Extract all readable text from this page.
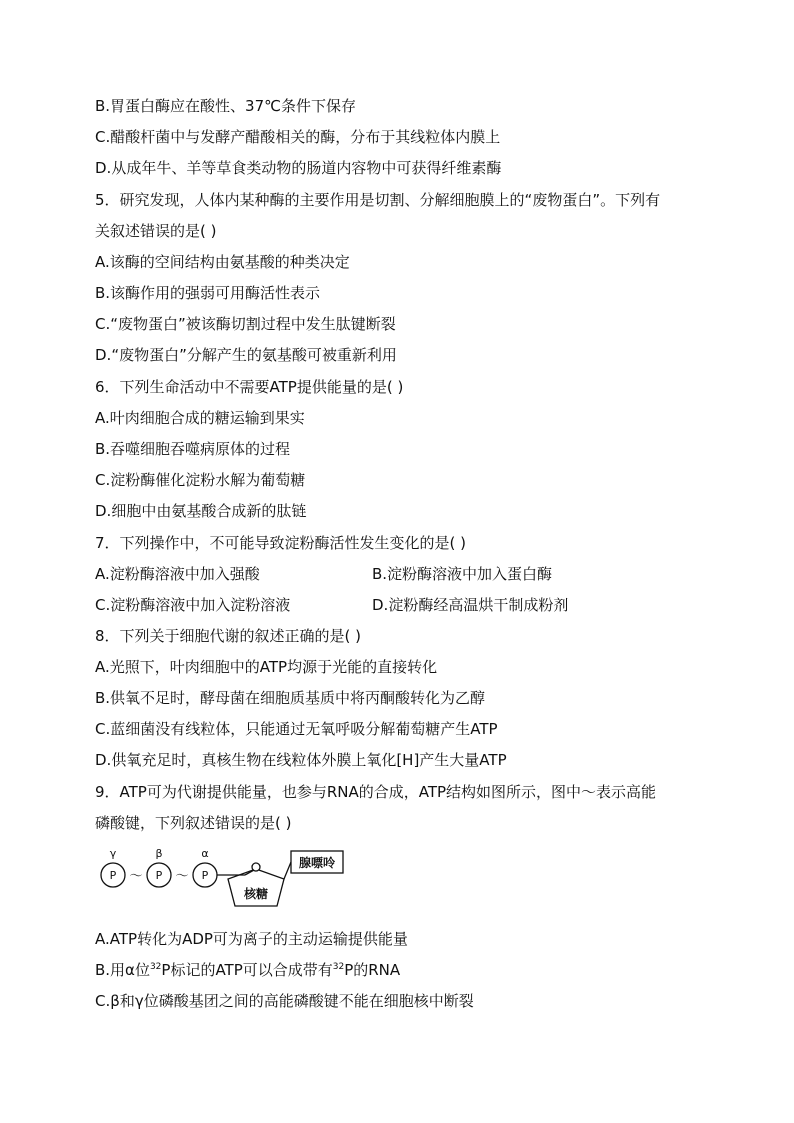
B.胃蛋白酶应在酸性、37℃条件下保存
C.醋酸杆菌中与发酵产醋酸相关的酶，分布于其线粒体内膜上
D.从成年牛、羊等草食类动物的肠道内容物中可获得纤维素酶
5．研究发现，人体内某种酶的主要作用是切割、分解细胞膜上的“废物蛋白”。下列有
关叙述错误的是( )
A.该酶的空间结构由氨基酸的种类决定
B.该酶作用的强弱可用酶活性表示
C.“废物蛋白”被该酶切割过程中发生肽键断裂
D.“废物蛋白”分解产生的氨基酸可被重新利用
6．下列生命活动中不需要ATP提供能量的是( )
A.叶肉细胞合成的糖运输到果实
B.吞噬细胞吞噬病原体的过程
C.淀粉酶催化淀粉水解为葡萄糖
D.细胞中由氨基酸合成新的肽链
7．下列操作中，不可能导致淀粉酶活性发生变化的是( )
A.淀粉酶溶液中加入强酸	B.淀粉酶溶液中加入蛋白酶
C.淀粉酶溶液中加入淀粉溶液	D.淀粉酶经高温烘干制成粉剂
8．下列关于细胞代谢的叙述正确的是( )
A.光照下，叶肉细胞中的ATP均源于光能的直接转化
B.供氧不足时，酵母菌在细胞质基质中将丙酮酸转化为乙醇
C.蓝细菌没有线粒体，只能通过无氧呼吸分解葡萄糖产生ATP
D.供氧充足时，真核生物在线粒体外膜上氧化[H]产生大量ATP
9．ATP可为代谢提供能量，也参与RNA的合成，ATP结构如图所示，图中～表示高能
磷酸键，下列叙述错误的是( )
γ	β	α
P	P	P
～	～
核糖
腺嘌呤
A.ATP转化为ADP可为离子的主动运输提供能量
B.用α位$^{32}$P标记的ATP可以合成带有$^{32}$P的RNA
C.β和γ位磷酸基团之间的高能磷酸键不能在细胞核中断裂
